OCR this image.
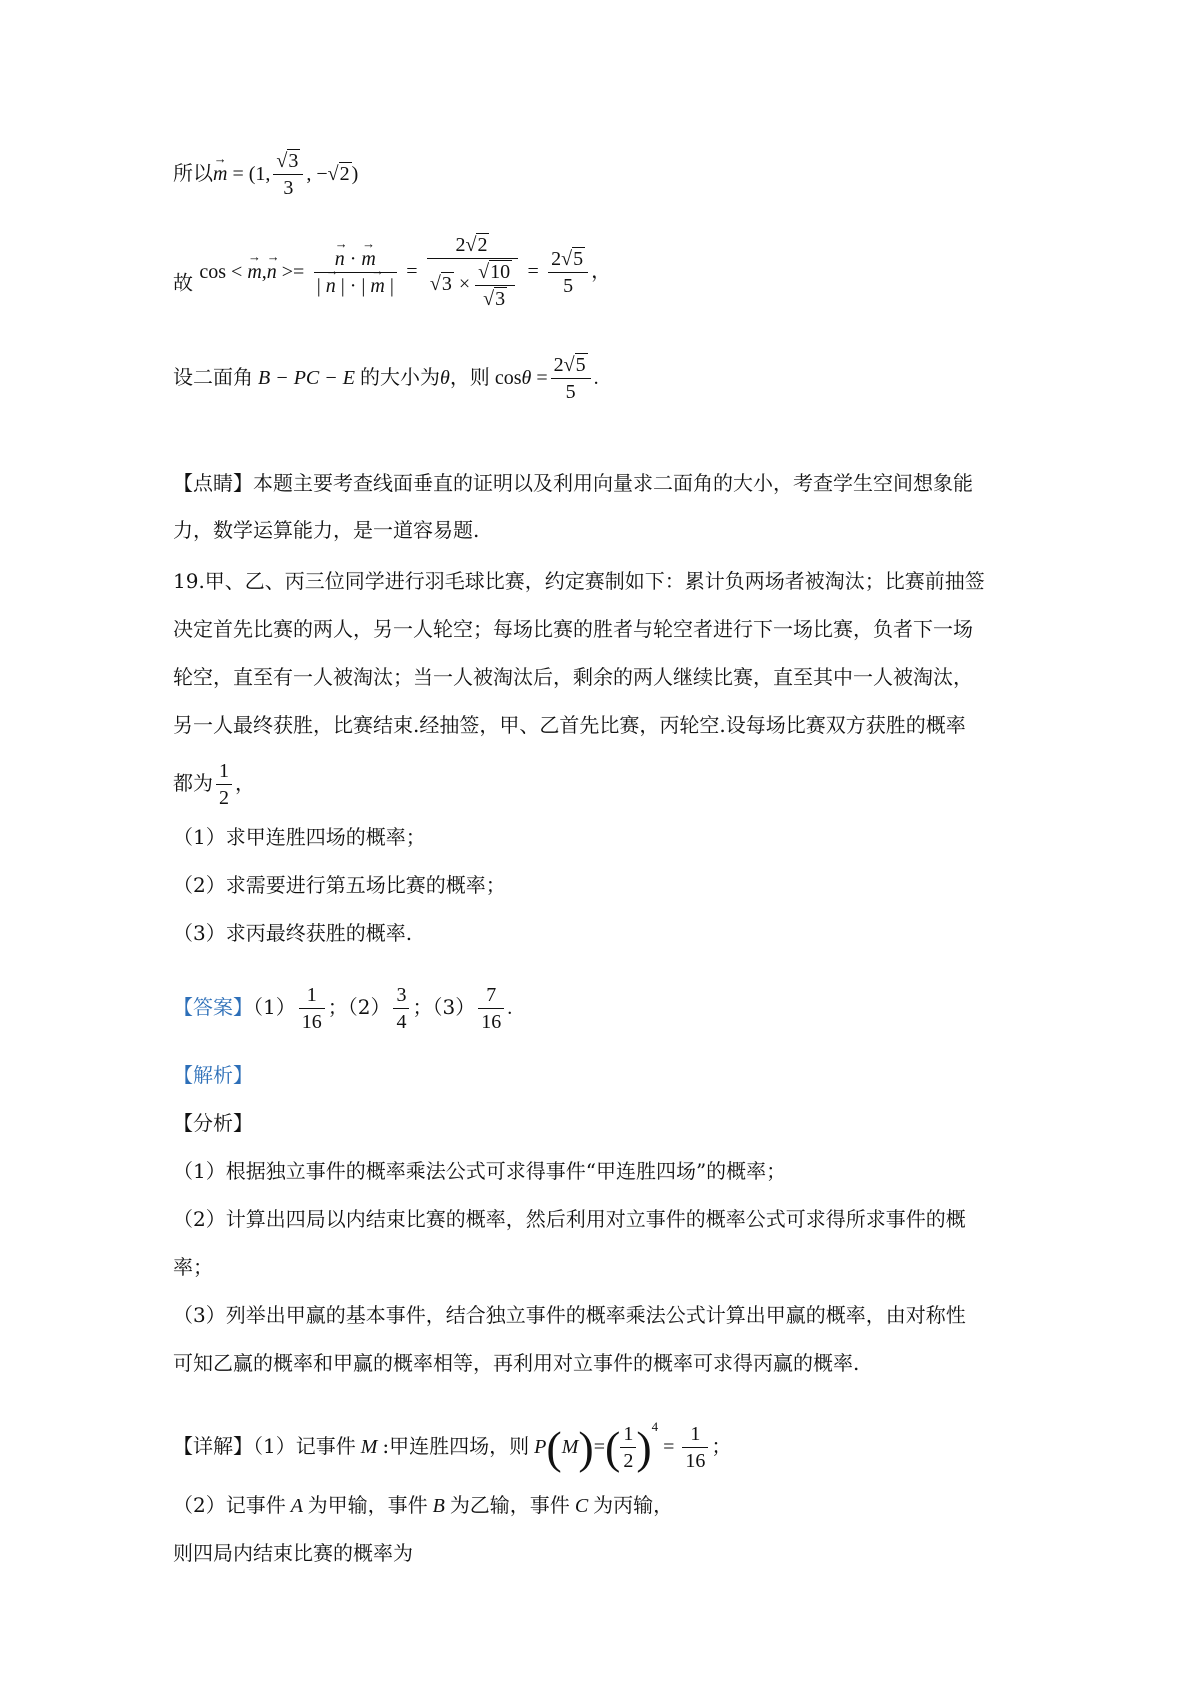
所以→ m = (1, $\frac{√3}{3}$ , −√2 )
故 cos < → m,→ n >=
→ $\frac{n \cdot \to m}{| \to n | \cdot | \to m |} = \frac{2√2}{√3 \times \frac{√10}{√3}} = \frac{2√5}{5}$ ，
设二面角 B − PC − E 的大小为θ，则 $\cos\theta = \frac{2√5}{5}$ .
【点睛】本题主要考查线面垂直的证明以及利用向量求二面角的大小，考查学生空间想象能
力，数学运算能力，是一道容易题.
19.甲、乙、丙三位同学进行羽毛球比赛，约定赛制如下：累计负两场者被淘汰；比赛前抽签
决定首先比赛的两人，另一人轮空；每场比赛的胜者与轮空者进行下一场比赛，负者下一场
轮空，直至有一人被淘汰；当一人被淘汰后，剩余的两人继续比赛，直至其中一人被淘汰，
另一人最终获胜，比赛结束.经抽签，甲、乙首先比赛，丙轮空.设每场比赛双方获胜的概率
都为 $\frac{1}{2}$ ，
（1）求甲连胜四场的概率；
（2）求需要进行第五场比赛的概率；
（3）求丙最终获胜的概率.
【答案】$(1) \frac{1}{16}$ ；$(2) \frac{3}{4}$ ；$(3) \frac{7}{16}$ .
【解析】
【分析】
（1）根据独立事件的概率乘法公式可求得事件“甲连胜四场”的概率；
（2）计算出四局以内结束比赛的概率，然后利用对立事件的概率公式可求得所求事件的概
率；
（3）列举出甲赢的基本事件，结合独立事件的概率乘法公式计算出甲赢的概率，由对称性
可知乙赢的概率和甲赢的概率相等，再利用对立事件的概率可求得丙赢的概率.
【详解】（1）记事件 M :甲连胜四场，则 $P(M)=( \frac{1}{2} )^4 = \frac{1}{16}$ ；
（2）记事件 A 为甲输，事件 B 为乙输，事件 C 为丙输，
则四局内结束比赛的概率为
